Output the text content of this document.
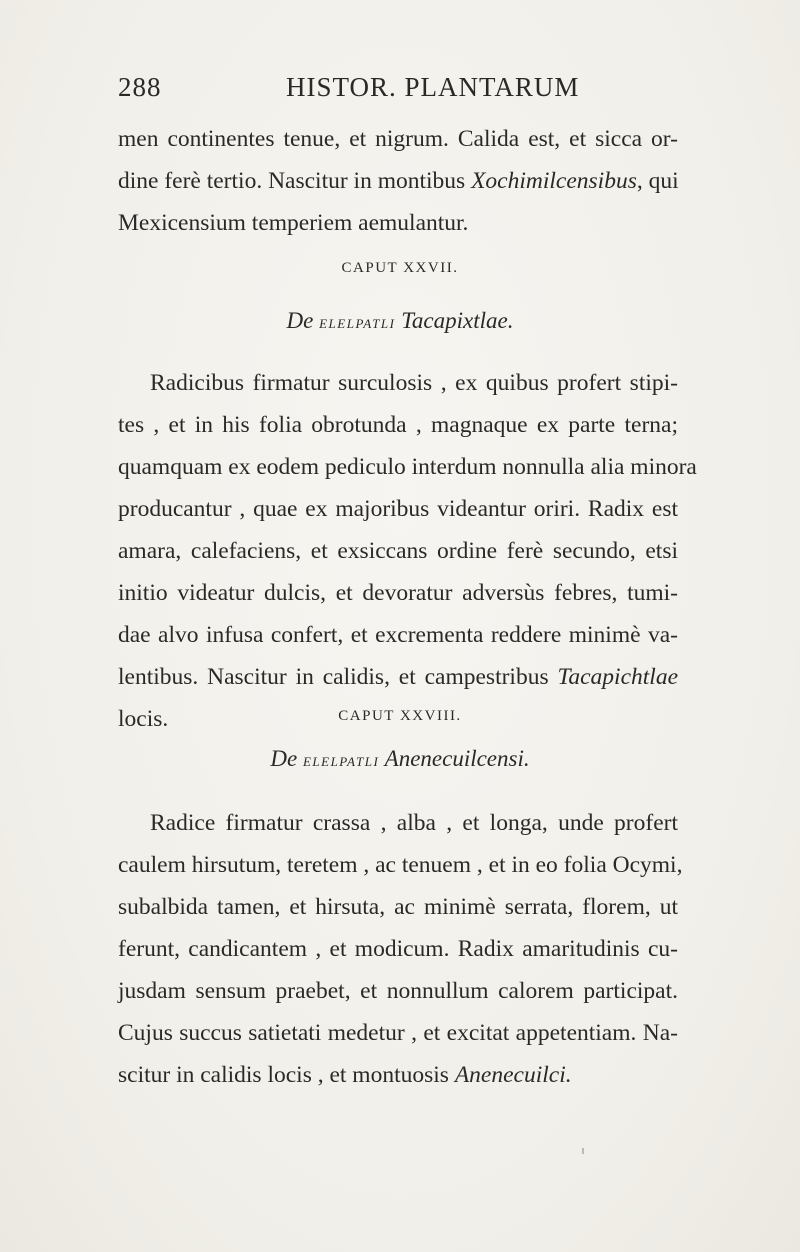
288	HISTOR. PLANTARUM
men continentes tenue, et nigrum. Calida est, et sicca or-
dine ferè tertio. Nascitur in montibus Xochimilcensibus, qui
Mexicensium temperiem aemulantur.
CAPUT XXVII.
De elelpatli Tacapixtlae.
Radicibus firmatur surculosis , ex quibus profert stipi-
tes , et in his folia obrotunda , magnaque ex parte terna;
quamquam ex eodem pediculo interdum nonnulla alia minora
producantur , quae ex majoribus videantur oriri. Radix est
amara, calefaciens, et exsiccans ordine ferè secundo, etsi
initio videatur dulcis, et devoratur adversùs febres, tumi-
dae alvo infusa confert, et excrementa reddere minimè va-
lentibus. Nascitur in calidis, et campestribus Tacapichtlae
locis.	CAPUT XXVIII.
De elelpatli Anenecuilcensi.
Radice firmatur crassa , alba , et longa, unde profert
caulem hirsutum, teretem , ac tenuem , et in eo folia Ocymi,
subalbida tamen, et hirsuta, ac minimè serrata, florem, ut
ferunt, candicantem , et modicum. Radix amaritudinis cu-
jusdam sensum praebet, et nonnullum calorem participat.
Cujus succus satietati medetur , et excitat appetentiam. Na-
scitur in calidis locis , et montuosis Anenecuilci.
